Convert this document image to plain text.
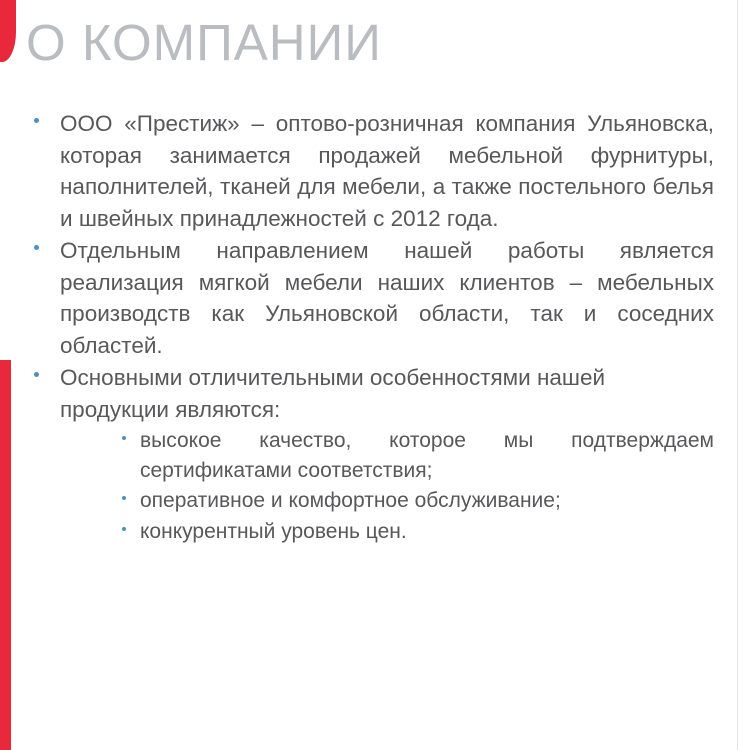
О КОМПАНИИ

ООО «Престиж» – оптово-розничная компания Ульяновска, которая занимается продажей мебельной фурнитуры, наполнителей, тканей для мебели, а также постельного белья и швейных принадлежностей с 2012 года.

Отдельным направлением нашей работы является реализация мягкой мебели наших клиентов – мебельных производств как Ульяновской области, так и соседних областей.

Основными отличительными особенностями нашей продукции являются:

высокое качество, которое мы подтверждаем сертификатами соответствия;

оперативное и комфортное обслуживание;

конкурентный уровень цен.
